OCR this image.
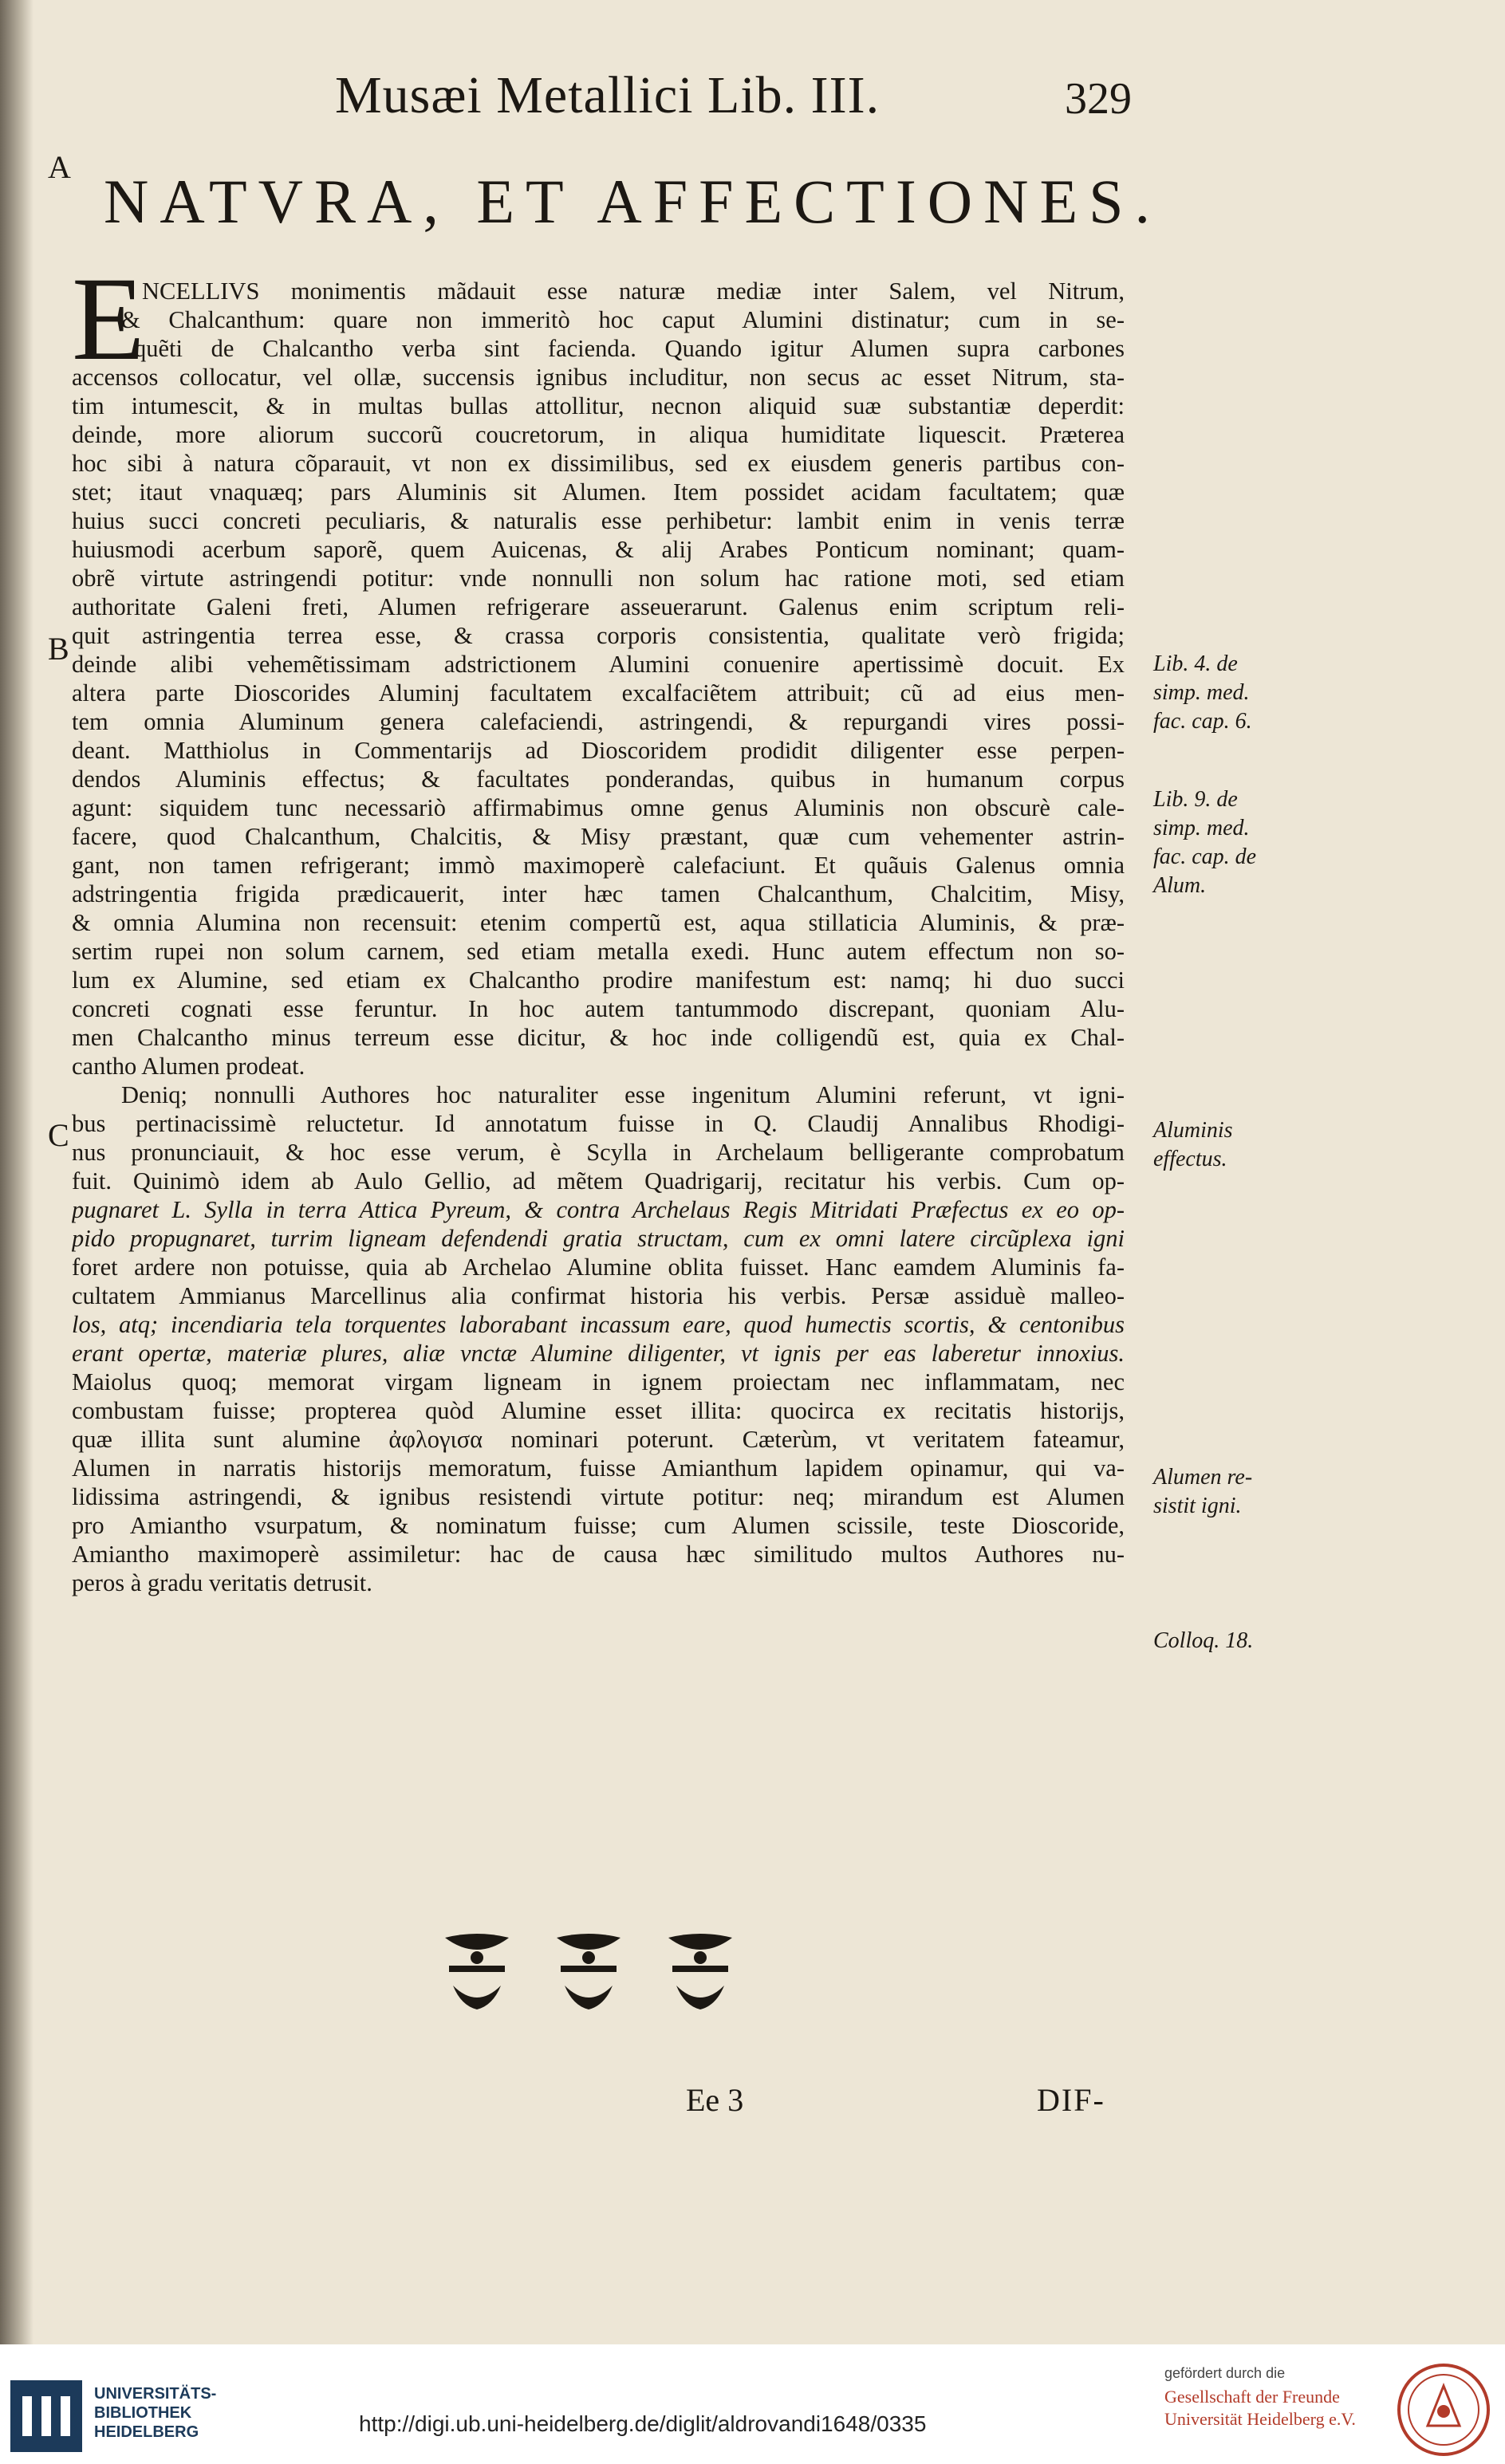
Musæi Metallici Lib. III.	329
A
B
C
NATVRA, ET AFFECTIONES.
E
NCELLIVS monimentis mãdauit esse naturæ mediæ inter Salem, vel Nitrum,
& Chalcanthum: quare non immeritò hoc caput Alumini distinatur; cum in se-
quẽti de Chalcantho verba sint facienda. Quando igitur Alumen supra carbones
accensos collocatur, vel ollæ, succensis ignibus includitur, non secus ac esset Nitrum, sta-
tim intumescit, & in multas bullas attollitur, necnon aliquid suæ substantiæ deperdit:
deinde, more aliorum succorũ coucretorum, in aliqua humiditate liquescit. Præterea
hoc sibi à natura cõparauit, vt non ex dissimilibus, sed ex eiusdem generis partibus con-
stet; itaut vnaquæq; pars Aluminis sit Alumen. Item possidet acidam facultatem; quæ
huius succi concreti peculiaris, & naturalis esse perhibetur: lambit enim in venis terræ
huiusmodi acerbum saporẽ, quem Auicenas, & alij Arabes Ponticum nominant; quam-
obrẽ virtute astringendi potitur: vnde nonnulli non solum hac ratione moti, sed etiam
authoritate Galeni freti, Alumen refrigerare asseuerarunt. Galenus enim scriptum reli-
quit astringentia terrea esse, & crassa corporis consistentia, qualitate verò frigida;
deinde alibi vehemẽtissimam adstrictionem Alumini conuenire apertissimè docuit. Ex
altera parte Dioscorides Aluminj facultatem excalfaciẽtem attribuit; cũ ad eius men-
tem omnia Aluminum genera calefaciendi, astringendi, & repurgandi vires possi-
deant. Matthiolus in Commentarijs ad Dioscoridem prodidit diligenter esse perpen-
dendos Aluminis effectus; & facultates ponderandas, quibus in humanum corpus
agunt: siquidem tunc necessariò affirmabimus omne genus Aluminis non obscurè cale-
facere, quod Chalcanthum, Chalcitis, & Misy præstant, quæ cum vehementer astrin-
gant, non tamen refrigerant; immò maximoperè calefaciunt. Et quãuis Galenus omnia
adstringentia frigida prædicauerit, inter hæc tamen Chalcanthum, Chalcitim, Misy,
& omnia Alumina non recensuit: etenim compertũ est, aqua stillaticia Aluminis, & præ-
sertim rupei non solum carnem, sed etiam metalla exedi. Hunc autem effectum non so-
lum ex Alumine, sed etiam ex Chalcantho prodire manifestum est: namq; hi duo succi
concreti cognati esse feruntur. In hoc autem tantummodo discrepant, quoniam Alu-
men Chalcantho minus terreum esse dicitur, & hoc inde colligendũ est, quia ex Chal-
cantho Alumen prodeat.
Deniq; nonnulli Authores hoc naturaliter esse ingenitum Alumini referunt, vt igni-
bus pertinacissimè reluctetur. Id annotatum fuisse in Q. Claudij Annalibus Rhodigi-
nus pronunciauit, & hoc esse verum, è Scylla in Archelaum belligerante comprobatum
fuit. Quinimò idem ab Aulo Gellio, ad mẽtem Quadrigarij, recitatur his verbis. Cum op-
pugnaret L. Sylla in terra Attica Pyreum, & contra Archelaus Regis Mitridati Præfectus ex eo op-
pido propugnaret, turrim ligneam defendendi gratia structam, cum ex omni latere circũplexa igni
foret ardere non potuisse, quia ab Archelao Alumine oblita fuisset. Hanc eamdem Aluminis fa-
cultatem Ammianus Marcellinus alia confirmat historia his verbis. Persæ assiduè malleo-
los, atq; incendiaria tela torquentes laborabant incassum eare, quod humectis scortis, & centonibus
erant opertæ, materiæ plures, aliæ vnctæ Alumine diligenter, vt ignis per eas laberetur innoxius.
Maiolus quoq; memorat virgam ligneam in ignem proiectam nec inflammatam, nec
combustam fuisse; propterea quòd Alumine esset illita: quocirca ex recitatis historijs,
quæ illita sunt alumine ἀφλογισα nominari poterunt. Cæterùm, vt veritatem fateamur,
Alumen in narratis historijs memoratum, fuisse Amianthum lapidem opinamur, qui va-
lidissima astringendi, & ignibus resistendi virtute potitur: neq; mirandum est Alumen
pro Amiantho vsurpatum, & nominatum fuisse; cum Alumen scissile, teste Dioscoride,
Amiantho maximoperè assimiletur: hac de causa hæc similitudo multos Authores nu-
peros à gradu veritatis detrusit.
Lib. 4. de
simp. med.
fac. cap. 6.
Lib. 9. de
simp. med.
fac. cap. de
Alum.
Aluminis
effectus.
Alumen re-
sistit igni.
Colloq. 18.
Ee 3	DIF-
UNIVERSITÄTS-
BIBLIOTHEK
HEIDELBERG	http://digi.ub.uni-heidelberg.de/diglit/aldrovandi1648/0335
gefördert durch die
Gesellschaft der Freunde
Universität Heidelberg e.V.
